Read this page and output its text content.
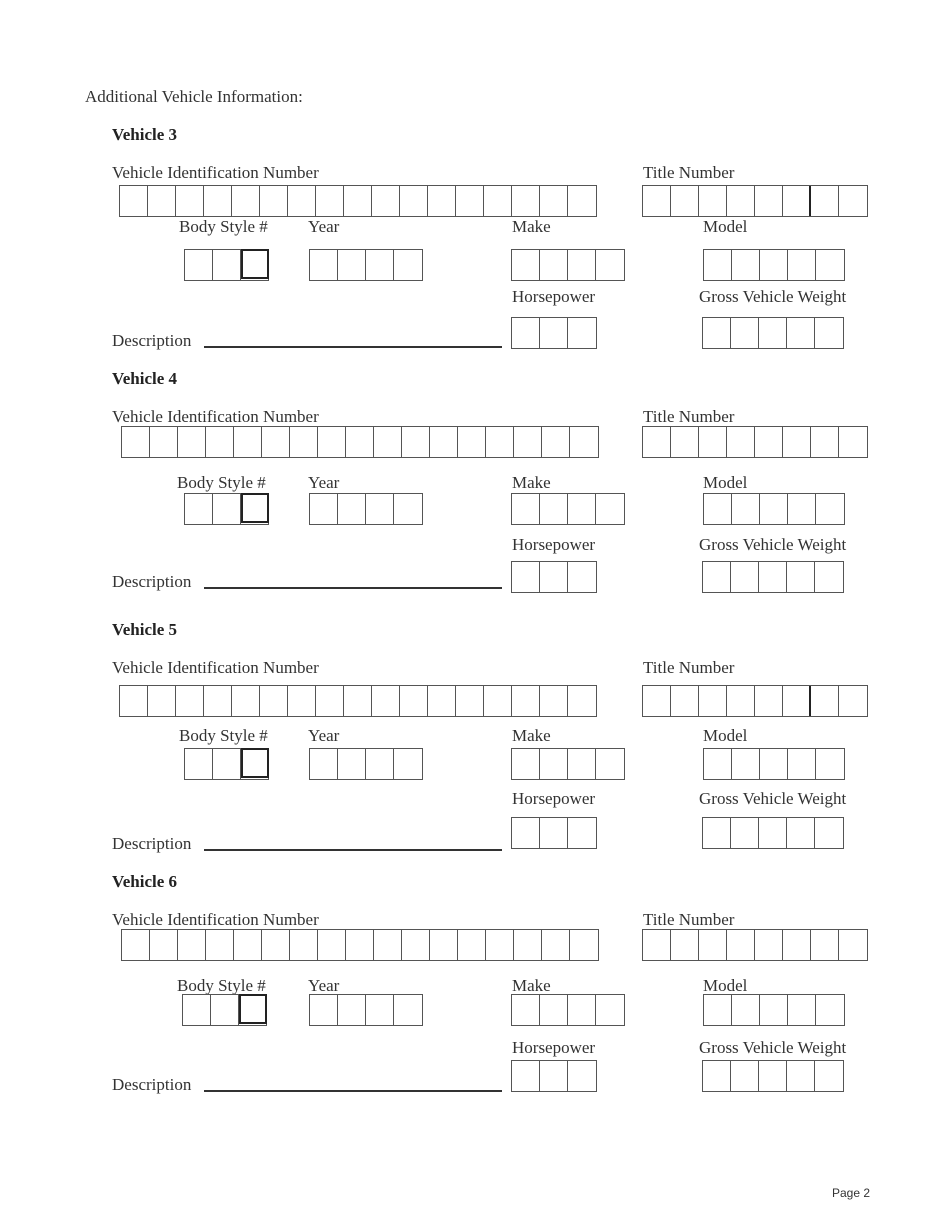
Additional Vehicle Information:
Vehicle 3
Vehicle Identification Number	Title Number
Body Style # Year	Make	Model
Horsepower	Gross Vehicle Weight
Description
Vehicle 4
Vehicle Identification Number	Title Number
Body Style # Year	Make	Model
Horsepower	Gross Vehicle Weight
Description
Vehicle 5
Vehicle Identification Number	Title Number
Body Style # Year	Make	Model
Horsepower	Gross Vehicle Weight
Description
Vehicle 6
Vehicle Identification Number	Title Number
Body Style # Year	Make	Model
Horsepower	Gross Vehicle Weight
Description
Page 2
